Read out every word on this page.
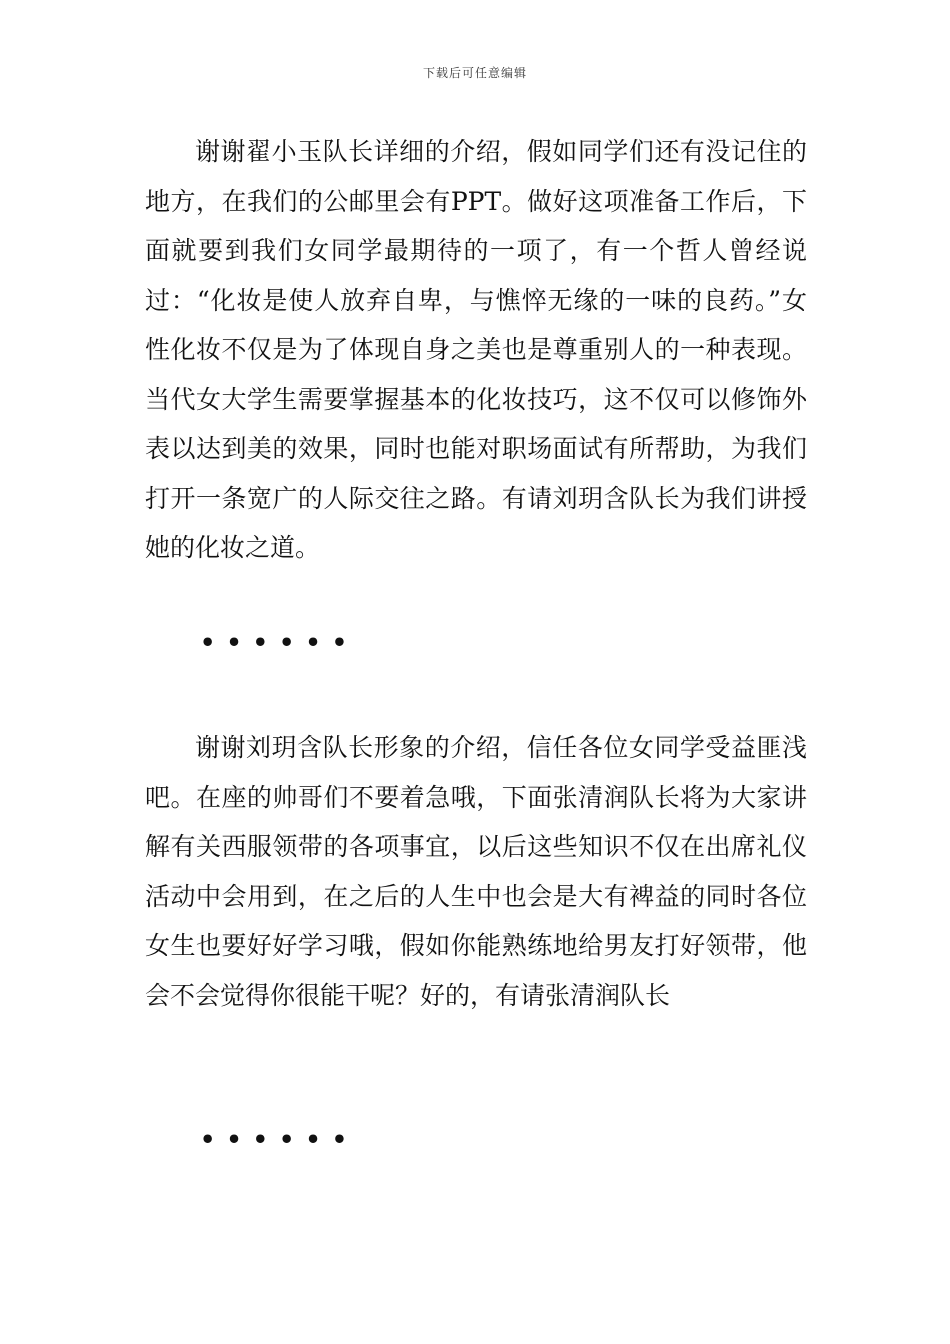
下载后可任意编辑

谢谢翟小玉队长详细的介绍，假如同学们还有没记住的地方，在我们的公邮里会有PPT。做好这项准备工作后，下面就要到我们女同学最期待的一项了，有一个哲人曾经说过：“化妆是使人放弃自卑，与憔悴无缘的一味的良药。”女性化妆不仅是为了体现自身之美也是尊重别人的一种表现。当代女大学生需要掌握基本的化妆技巧，这不仅可以修饰外表以达到美的效果，同时也能对职场面试有所帮助，为我们打开一条宽广的人际交往之路。有请刘玥含队长为我们讲授她的化妆之道。

••••••

谢谢刘玥含队长形象的介绍，信任各位女同学受益匪浅吧。在座的帅哥们不要着急哦，下面张清润队长将为大家讲解有关西服领带的各项事宜，以后这些知识不仅在出席礼仪活动中会用到，在之后的人生中也会是大有裨益的同时各位女生也要好好学习哦，假如你能熟练地给男友打好领带，他会不会觉得你很能干呢？好的，有请张清润队长

••••••
